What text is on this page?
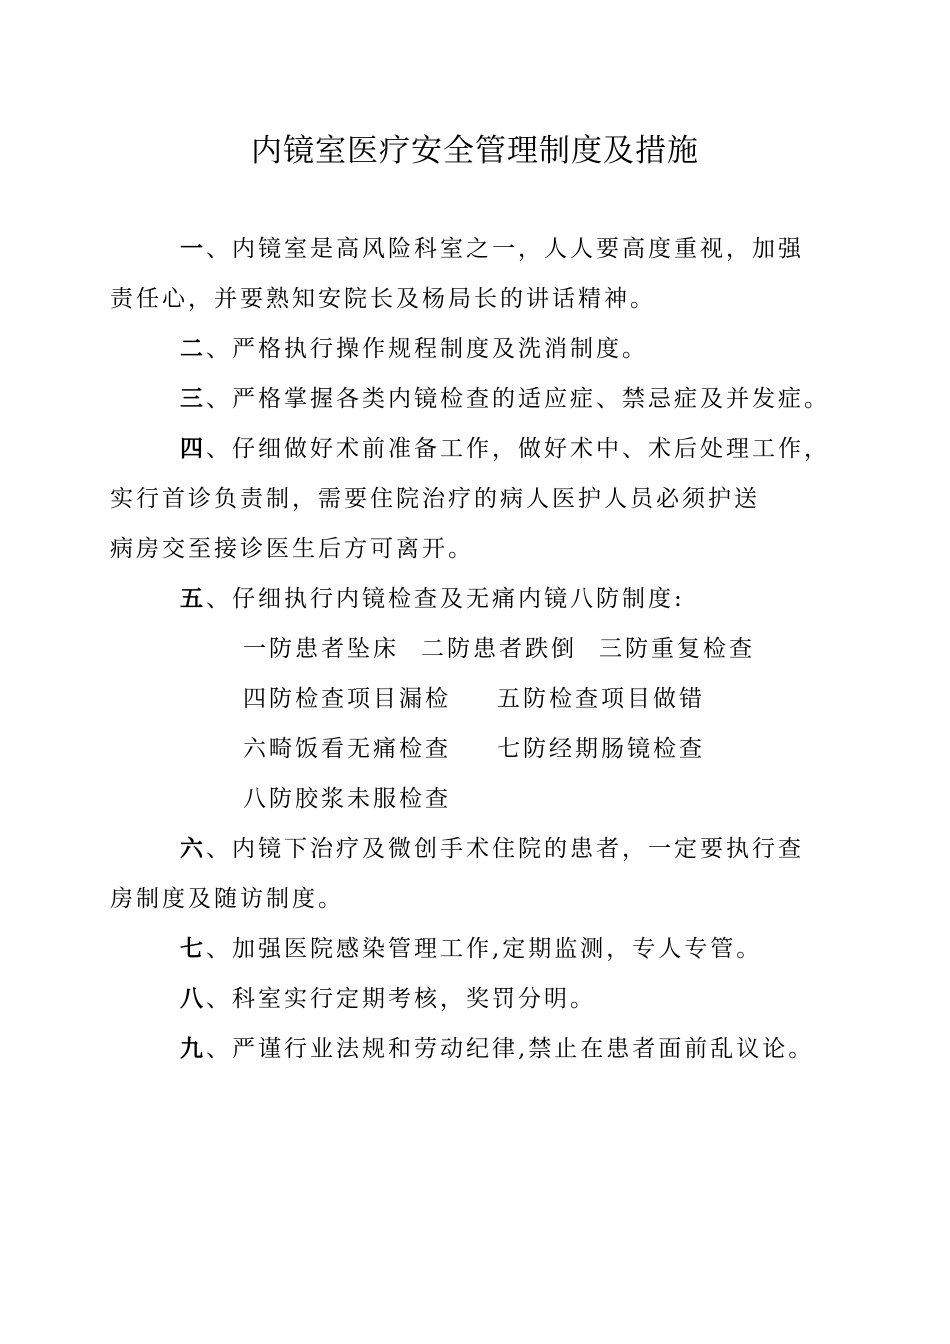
内镜室医疗安全管理制度及措施
一、内镜室是高风险科室之一，人人要高度重视，加强
责任心，并要熟知安院长及杨局长的讲话精神。
二、严格执行操作规程制度及洗消制度。
三、严格掌握各类内镜检查的适应症、禁忌症及并发症。
四、仔细做好术前准备工作，做好术中、术后处理工作，
实行首诊负责制，需要住院治疗的病人医护人员必须护送
病房交至接诊医生后方可离开。
五、仔细执行内镜检查及无痛内镜八防制度:
一防患者坠床 二防患者跌倒 三防重复检查
四防检查项目漏检	五防检查项目做错
六畸饭看无痛检查	七防经期肠镜检查
八防胶浆未服检查
六、内镜下治疗及微创手术住院的患者，一定要执行查
房制度及随访制度。
七、加强医院感染管理工作,定期监测，专人专管。
八、科室实行定期考核，奖罚分明。
九、严谨行业法规和劳动纪律,禁止在患者面前乱议论。
